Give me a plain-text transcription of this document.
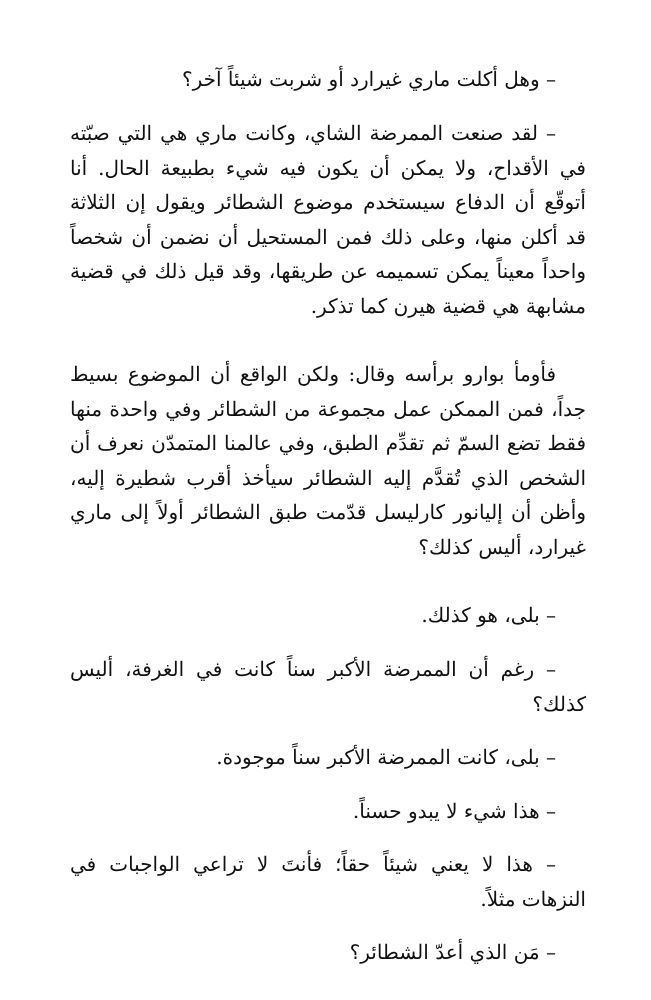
– وهل أكلت ماري غيرارد أو شربت شيئاً آخر؟

– لقد صنعت الممرضة الشاي، وكانت ماري هي التي صبّته في الأقداح، ولا يمكن أن يكون فيه شيء بطبيعة الحال. أنا أتوقّع أن الدفاع سيستخدم موضوع الشطائر ويقول إن الثلاثة قد أكلن منها، وعلى ذلك فمن المستحيل أن نضمن أن شخصاً واحداً معيناً يمكن تسميمه عن طريقها، وقد قيل ذلك في قضية مشابهة هي قضية هيرن كما تذكر.

فأومأ بوارو برأسه وقال: ولكن الواقع أن الموضوع بسيط جداً، فمن الممكن عمل مجموعة من الشطائر وفي واحدة منها فقط تضع السمّ ثم تقدِّم الطبق، وفي عالمنا المتمدّن نعرف أن الشخص الذي تُقدَّم إليه الشطائر سيأخذ أقرب شطيرة إليه، وأظن أن إليانور كارليسل قدّمت طبق الشطائر أولاً إلى ماري غيرارد، أليس كذلك؟

– بلى، هو كذلك.

– رغم أن الممرضة الأكبر سناً كانت في الغرفة، أليس كذلك؟

– بلى، كانت الممرضة الأكبر سناً موجودة.

– هذا شيء لا يبدو حسناً.

– هذا لا يعني شيئاً حقاً؛ فأنتَ لا تراعي الواجبات في النزهات مثلاً.

– مَن الذي أعدّ الشطائر؟
